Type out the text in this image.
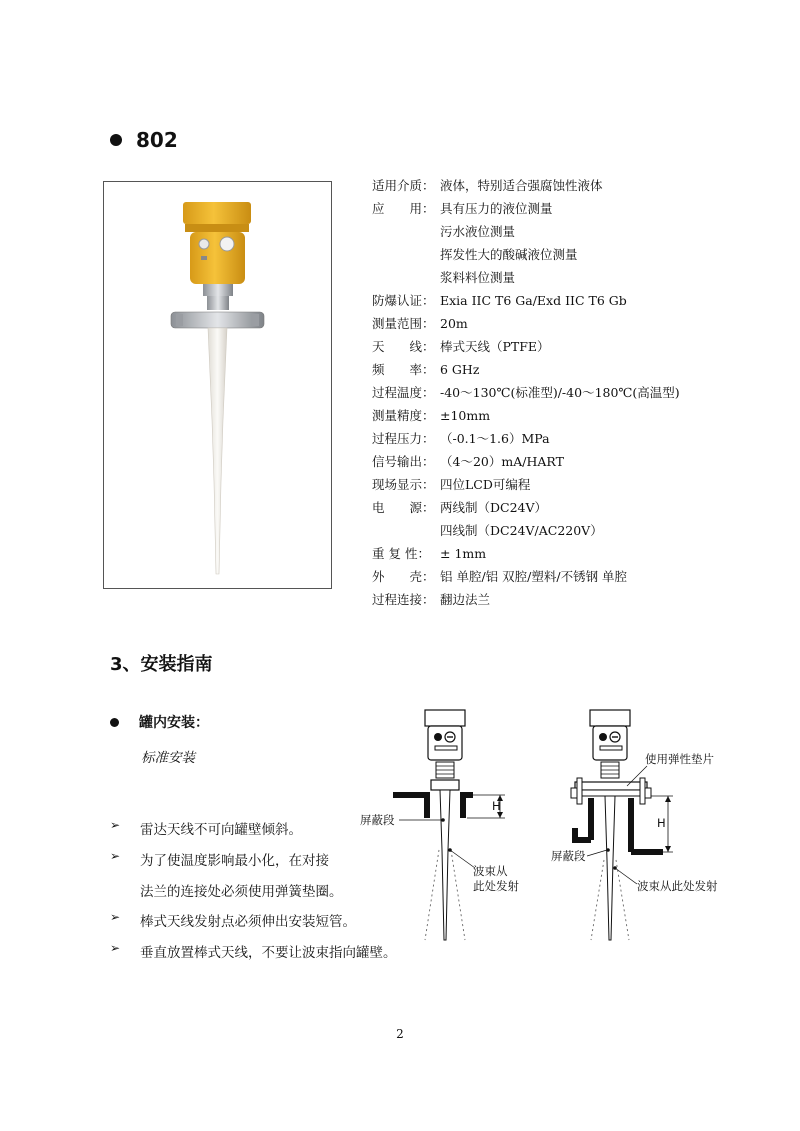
802
适用介质： 液体，特别适合强腐蚀性液体
应　　用： 具有压力的液位测量
污水液位测量
挥发性大的酸碱液位测量
浆料料位测量
防爆认证： Exia IIC T6 Ga/Exd IIC T6 Gb
测量范围： 20m
天　　线： 棒式天线（PTFE）
频　　率： 6 GHz
过程温度： -40～130℃(标准型)/-40～180℃(高温型)
测量精度： ±10mm
过程压力： （-0.1～1.6）MPa
信号输出： （4～20）mA/HART
现场显示： 四位LCD可编程
电　　源： 两线制（DC24V）
四线制（DC24V/AC220V）
重 复 性： ± 1mm
外　　壳： 铝 单腔/铝 双腔/塑料/不锈钢 单腔
过程连接： 翻边法兰
3、安装指南
罐内安装：
标准安装
➢	雷达天线不可向罐壁倾斜。
➢	为了使温度影响最小化，在对接
法兰的连接处必须使用弹簧垫圈。
➢	棒式天线发射点必须伸出安装短管。
➢	垂直放置棒式天线，不要让波束指向罐壁。
H
屏蔽段
波束从
此处发射
H
使用弹性垫片
屏蔽段
波束从此处发射
2
